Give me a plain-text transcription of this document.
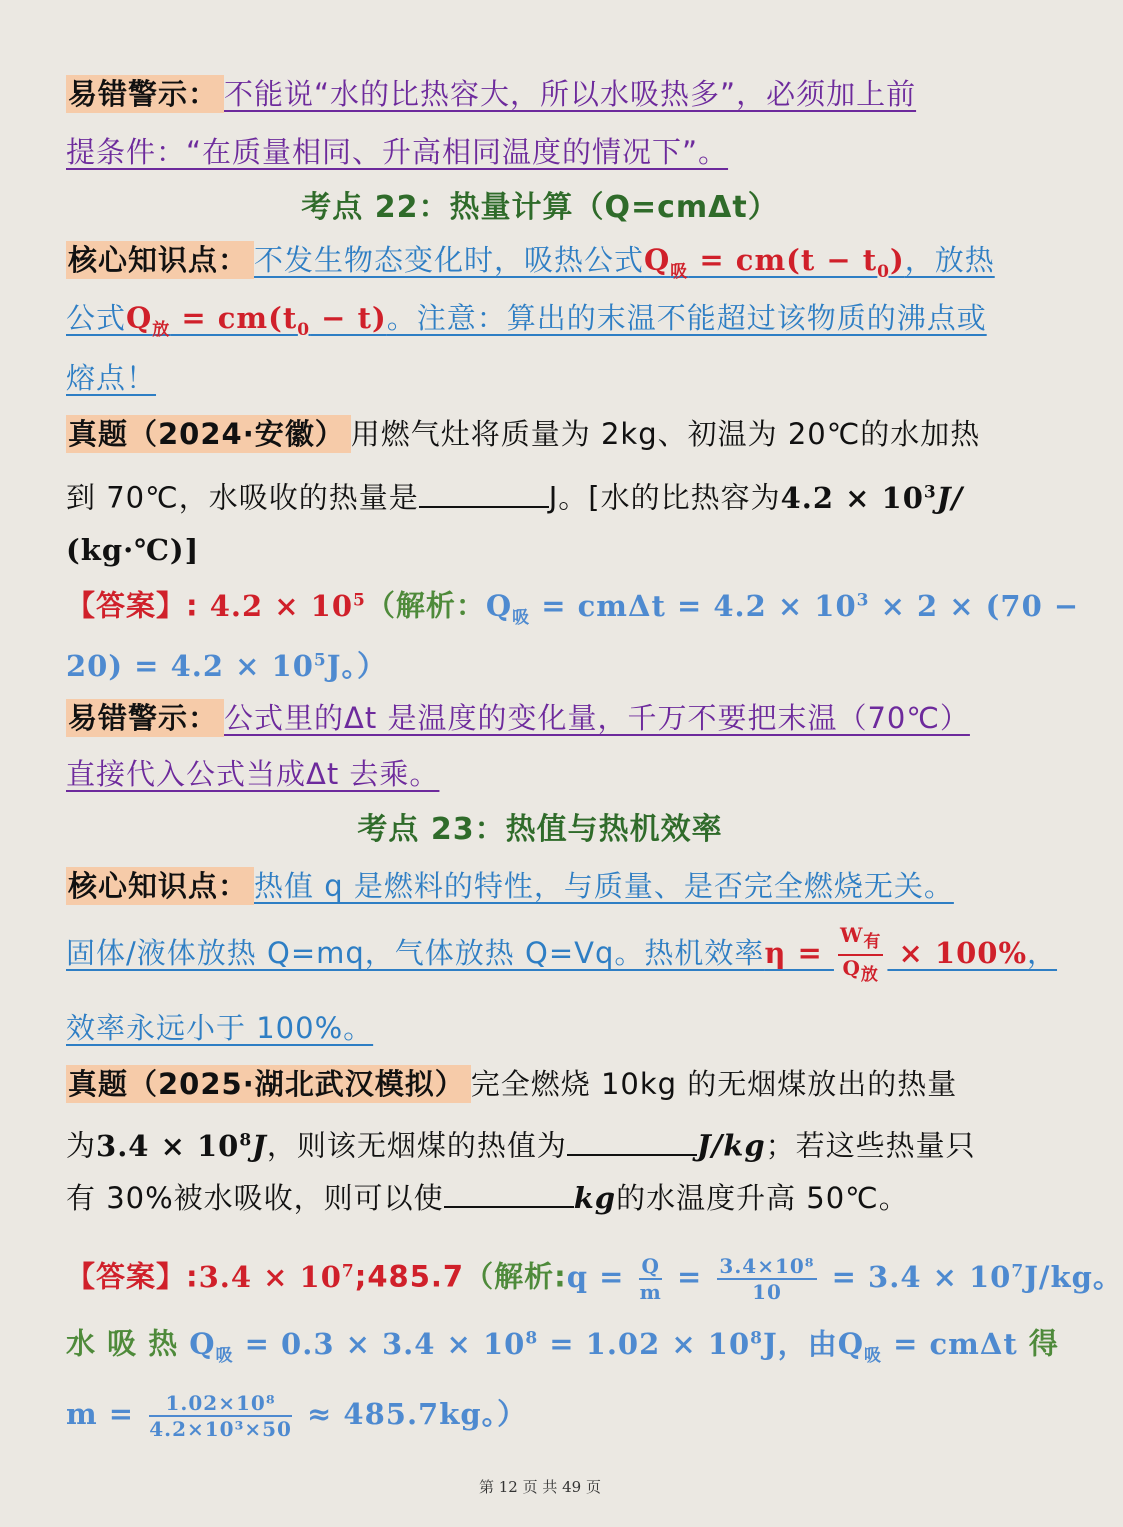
易错警示： 不能说“水的比热容大，所以水吸热多”，必须加上前
提条件：“在质量相同、升高相同温度的情况下”。
考点 22：热量计算（Q=cmΔt）
核心知识点： 不发生物态变化时，吸热公式$Q_吸 = cm(t - t_0)$，放热
公式$Q_放 = cm(t_0 - t)$。注意：算出的末温不能超过该物质的沸点或
熔点！
真题（2024·安徽） 用燃气灶将质量为 2kg、初温为 20℃的水加热
到 70℃，水吸收的热量是	J。[水的比热容为$4.2 \times 10^3J/$
(kg·℃)]
【答案】: $4.2 \times 10^5$（解析：$Q_吸 = cm\Delta t = 4.2 \times 10^3 \times 2 \times (70$ −
$20) = 4.2 \times 10^5J$。）
易错警示： 公式里的Δt 是温度的变化量，千万不要把末温（70℃）
直接代入公式当成Δt 去乘。
考点 23：热值与热机效率
核心知识点： 热值 q 是燃料的特性，与质量、是否完全燃烧无关。
固体/液体放热 Q=mq，气体放热 Q=Vq。热机效率$\eta = \frac{W_有}{Q_放} \times 100\%$，
效率永远小于 100%。
真题（2025·湖北武汉模拟） 完全燃烧 10kg 的无烟煤放出的热量
为$3.4 \times 10^8J$，则该无烟煤的热值为	J/kg；若这些热量只
有 30%被水吸收，则可以使	kg的水温度升高 50℃。
【答案】:3.4 × $10^7;485.7$（解析:q = $\frac{Q}{m} = \frac{\text{3.4×10⁸}}{10} = 3.4 \times 10^7J/kg$。
水 吸 热 $Q_吸 = 0.3 \times 3.4 \times 10^8 = 1.02 \times 10^8J$，由$Q_吸 = cm\Delta t$ 得
$m = \frac{\text{1.02×10⁸}}{\text{4.2×10³×50}} \approx 485.7kg$。）
第 12 页 共 49 页
